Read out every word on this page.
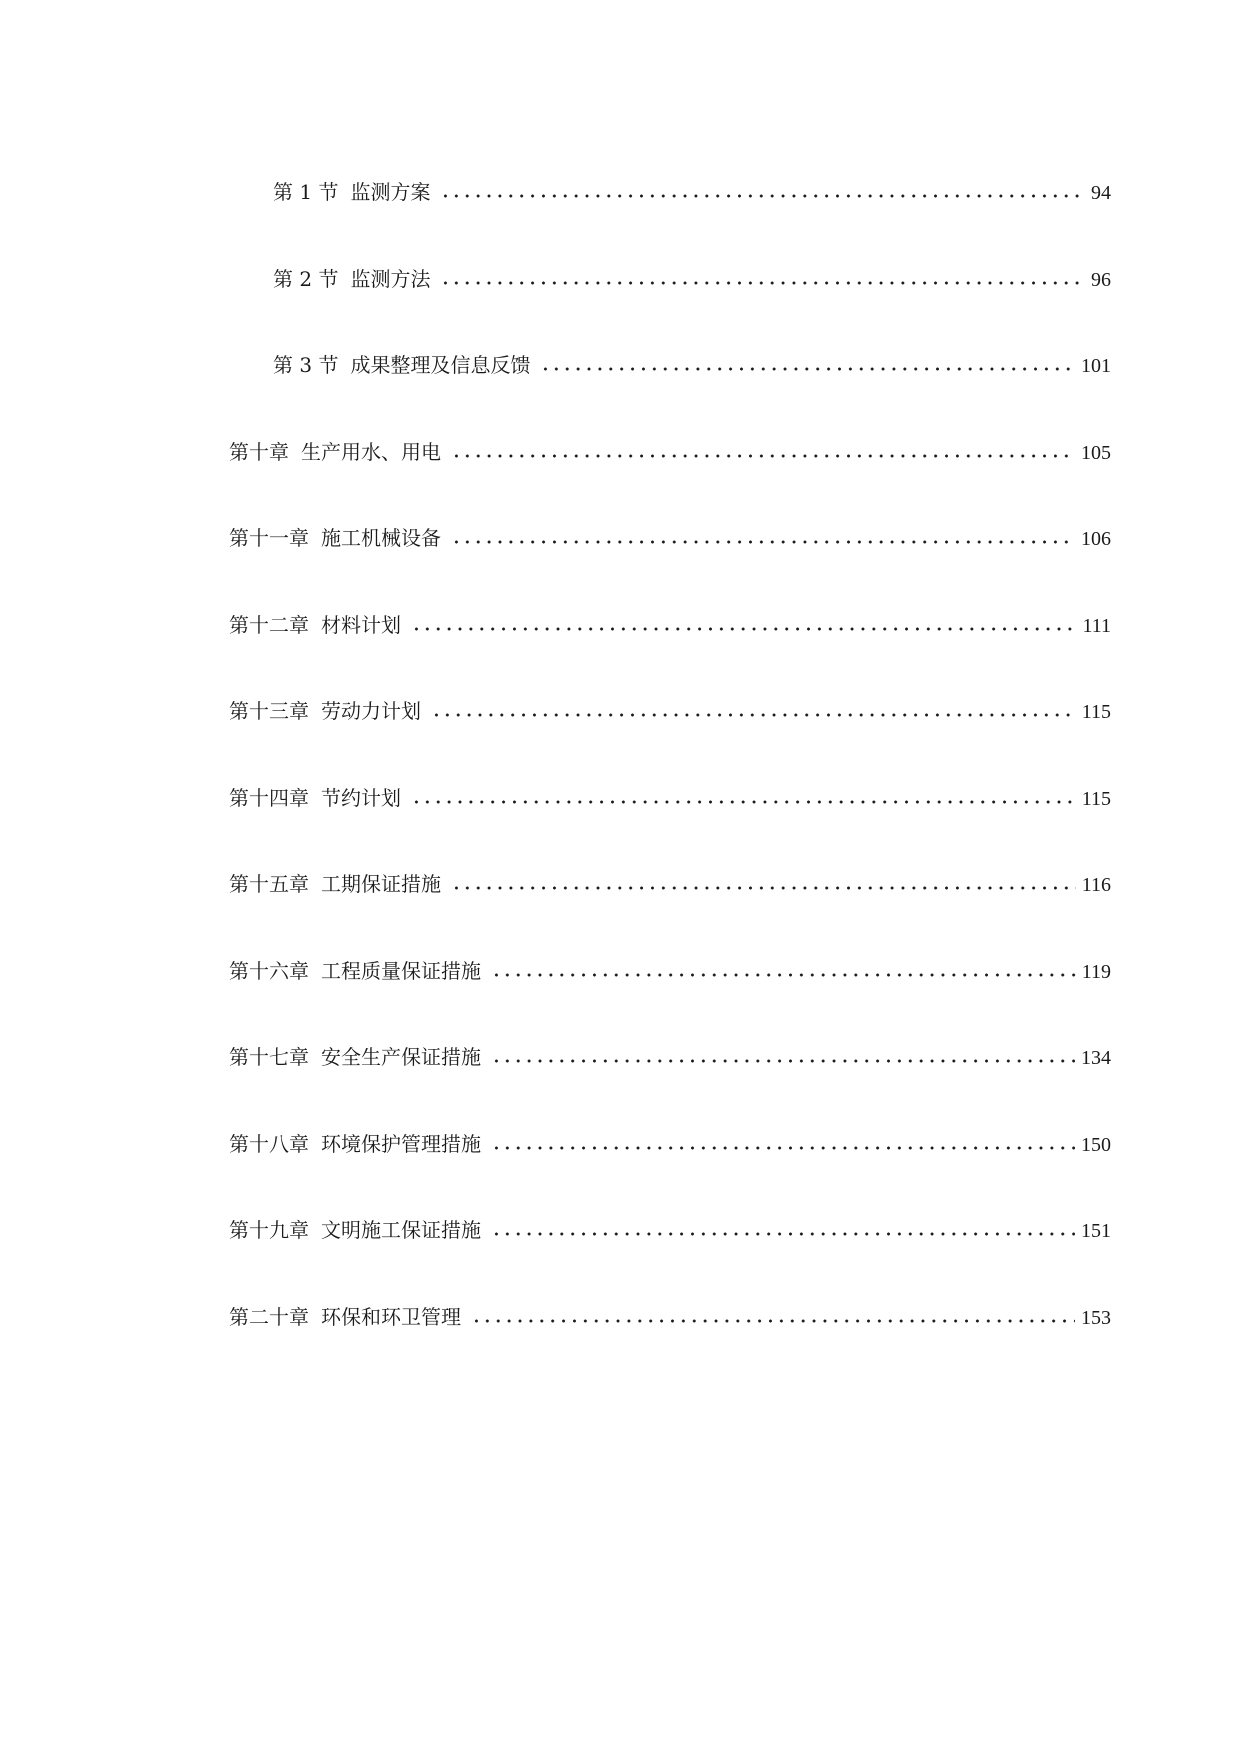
第 1 节 监测方案	94
第 2 节 监测方法	96
第 3 节 成果整理及信息反馈	101
第十章 生产用水、用电	105
第十一章 施工机械设备	106
第十二章 材料计划	111
第十三章 劳动力计划	115
第十四章 节约计划	115
第十五章 工期保证措施	116
第十六章 工程质量保证措施	119
第十七章 安全生产保证措施	134
第十八章 环境保护管理措施	150
第十九章 文明施工保证措施	151
第二十章 环保和环卫管理	153
